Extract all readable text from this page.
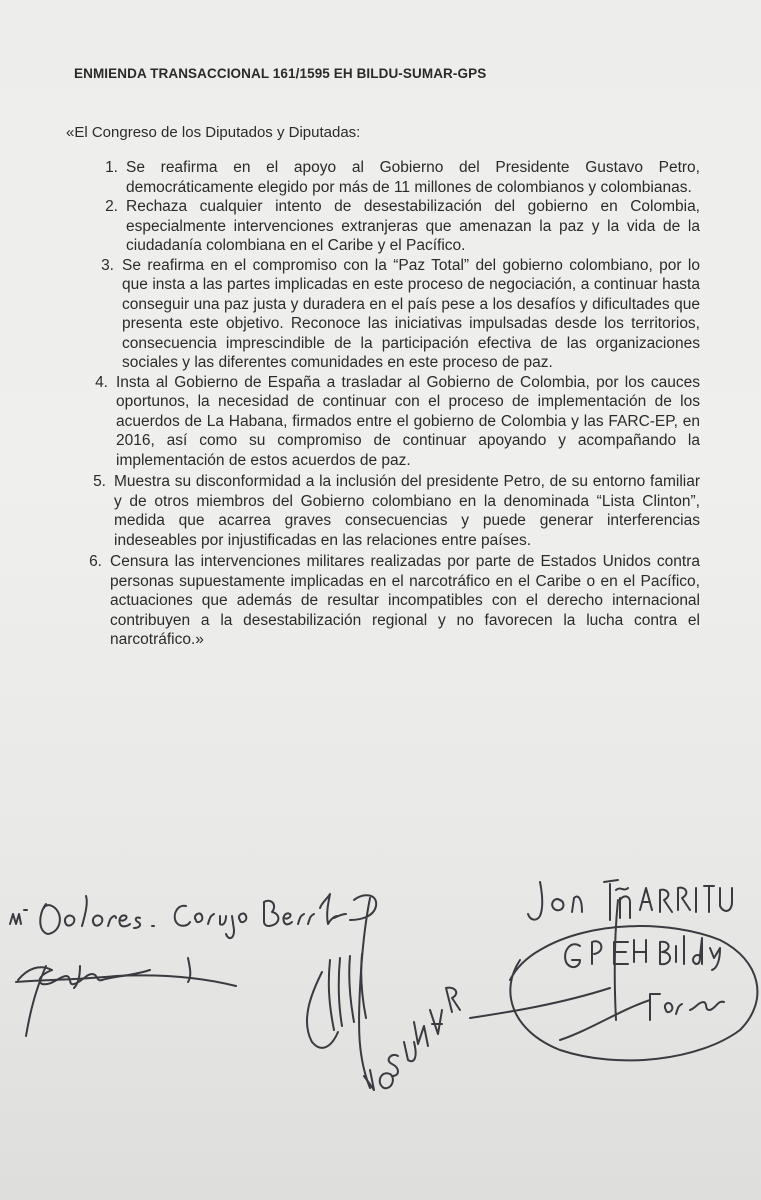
ENMIENDA TRANSACCIONAL 161/1595 EH BILDU-SUMAR-GPS
«El Congreso de los Diputados y Diputadas:
1. Se reafirma en el apoyo al Gobierno del Presidente Gustavo Petro, democráticamente elegido por más de 11 millones de colombianos y colombianas.
2. Rechaza cualquier intento de desestabilización del gobierno en Colombia, especialmente intervenciones extranjeras que amenazan la paz y la vida de la ciudadanía colombiana en el Caribe y el Pacífico.
3. Se reafirma en el compromiso con la “Paz Total” del gobierno colombiano, por lo que insta a las partes implicadas en este proceso de negociación, a continuar hasta conseguir una paz justa y duradera en el país pese a los desafíos y dificultades que presenta este objetivo. Reconoce las iniciativas impulsadas desde los territorios, consecuencia imprescindible de la participación efectiva de las organizaciones sociales y las diferentes comunidades en este proceso de paz.
4. Insta al Gobierno de España a trasladar al Gobierno de Colombia, por los cauces oportunos, la necesidad de continuar con el proceso de implementación de los acuerdos de La Habana, firmados entre el gobierno de Colombia y las FARC-EP, en 2016, así como su compromiso de continuar apoyando y acompañando la implementación de estos acuerdos de paz.
5. Muestra su disconformidad a la inclusión del presidente Petro, de su entorno familiar y de otros miembros del Gobierno colombiano en la denominada “Lista Clinton”, medida que acarrea graves consecuencias y puede generar interferencias indeseables por injustificadas en las relaciones entre países.
6. Censura las intervenciones militares realizadas por parte de Estados Unidos contra personas supuestamente implicadas en el narcotráfico en el Caribe o en el Pacífico, actuaciones que además de resultar incompatibles con el derecho internacional contribuyen a la desestabilización regional y no favorecen la lucha contra el narcotráfico.»
